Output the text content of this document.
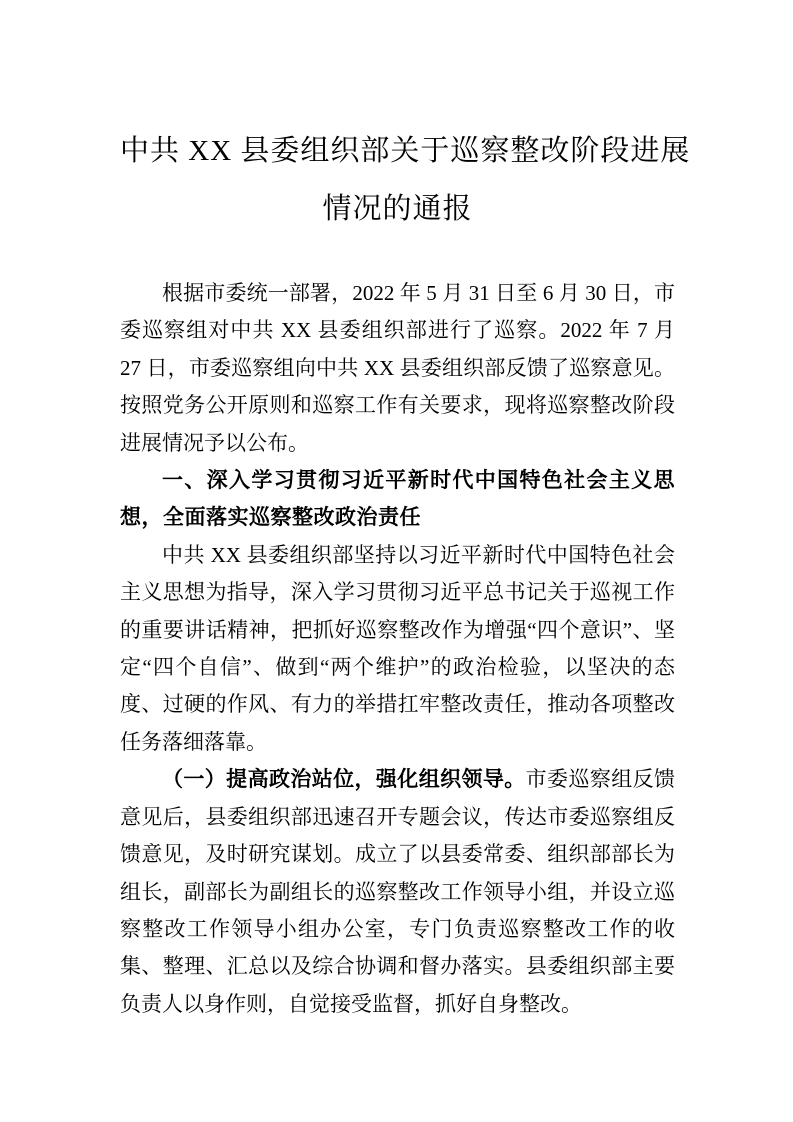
中共 XX 县委组织部关于巡察整改阶段进展
情况的通报

根据市委统一部署，2022 年 5 月 31 日至 6 月 30 日，市委巡察组对中共 XX 县委组织部进行了巡察。2022 年 7 月 27 日，市委巡察组向中共 XX 县委组织部反馈了巡察意见。按照党务公开原则和巡察工作有关要求，现将巡察整改阶段进展情况予以公布。

一、深入学习贯彻习近平新时代中国特色社会主义思想，全面落实巡察整改政治责任

中共 XX 县委组织部坚持以习近平新时代中国特色社会主义思想为指导，深入学习贯彻习近平总书记关于巡视工作的重要讲话精神，把抓好巡察整改作为增强“四个意识”、坚定“四个自信”、做到“两个维护”的政治检验，以坚决的态度、过硬的作风、有力的举措扛牢整改责任，推动各项整改任务落细落靠。

（一）提高政治站位，强化组织领导。市委巡察组反馈意见后，县委组织部迅速召开专题会议，传达市委巡察组反馈意见，及时研究谋划。成立了以县委常委、组织部部长为组长，副部长为副组长的巡察整改工作领导小组，并设立巡察整改工作领导小组办公室，专门负责巡察整改工作的收集、整理、汇总以及综合协调和督办落实。县委组织部主要负责人以身作则，自觉接受监督，抓好自身整改。
